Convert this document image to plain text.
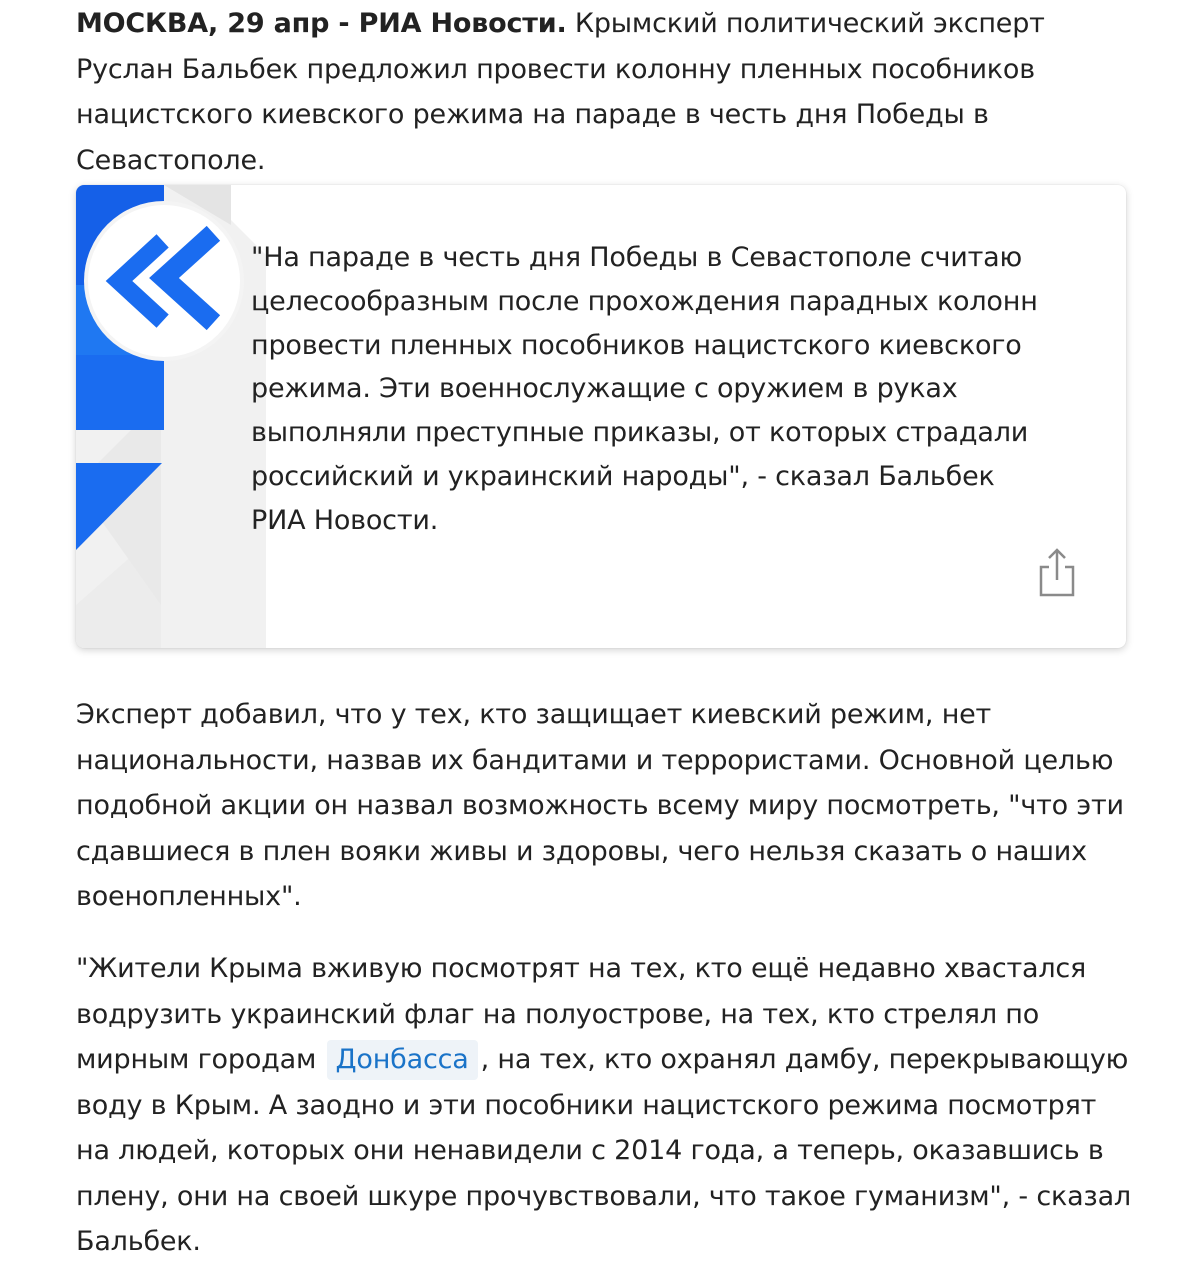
МОСКВА, 29 апр - РИА Новости. Крымский политический эксперт Руслан Бальбек предложил провести колонну пленных пособников нацистского киевского режима на параде в честь дня Победы в Севастополе.

"На параде в честь дня Победы в Севастополе считаю целесообразным после прохождения парадных колонн провести пленных пособников нацистского киевского режима. Эти военнослужащие с оружием в руках выполняли преступные приказы, от которых страдали российский и украинский народы", - сказал Бальбек РИА Новости.

Эксперт добавил, что у тех, кто защищает киевский режим, нет национальности, назвав их бандитами и террористами. Основной целью подобной акции он назвал возможность всему миру посмотреть, "что эти сдавшиеся в плен вояки живы и здоровы, чего нельзя сказать о наших военопленных".

"Жители Крыма вживую посмотрят на тех, кто ещё недавно хвастался водрузить украинский флаг на полуострове, на тех, кто стрелял по мирным городам Донбасса , на тех, кто охранял дамбу, перекрывающую воду в Крым. А заодно и эти пособники нацистского режима посмотрят на людей, которых они ненавидели с 2014 года, а теперь, оказавшись в плену, они на своей шкуре прочувствовали, что такое гуманизм", - сказал Бальбек.
